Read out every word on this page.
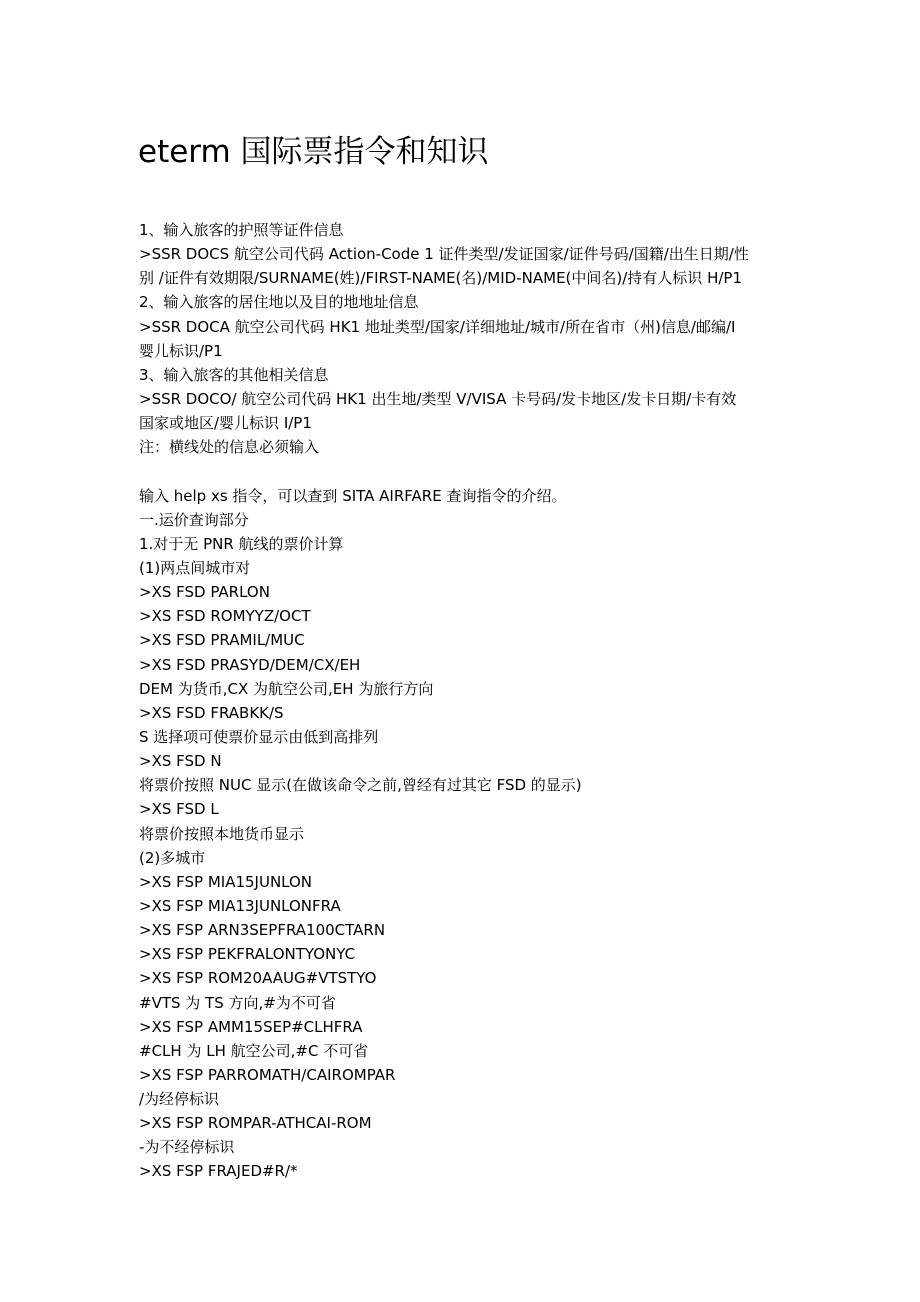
eterm 国际票指令和知识
1、输入旅客的护照等证件信息
>SSR DOCS 航空公司代码 Action-Code 1 证件类型/发证国家/证件号码/国籍/出生日期/性
别 /证件有效期限/SURNAME(姓)/FIRST-NAME(名)/MID-NAME(中间名)/持有人标识 H/P1
2、输入旅客的居住地以及目的地地址信息
>SSR DOCA 航空公司代码 HK1 地址类型/国家/详细地址/城市/所在省市（州)信息/邮编/I
婴儿标识/P1
3、输入旅客的其他相关信息
>SSR DOCO/ 航空公司代码 HK1 出生地/类型 V/VISA 卡号码/发卡地区/发卡日期/卡有效
国家或地区/婴儿标识 I/P1
注：横线处的信息必须输入
输入 help xs 指令，可以查到 SITA AIRFARE 查询指令的介绍。
一.运价查询部分
1.对于无 PNR 航线的票价计算
(1)两点间城市对
>XS FSD PARLON
>XS FSD ROMYYZ/OCT
>XS FSD PRAMIL/MUC
>XS FSD PRASYD/DEM/CX/EH
DEM 为货币,CX 为航空公司,EH 为旅行方向
>XS FSD FRABKK/S
S 选择项可使票价显示由低到高排列
>XS FSD N
将票价按照 NUC 显示(在做该命令之前,曾经有过其它 FSD 的显示)
>XS FSD L
将票价按照本地货币显示
(2)多城市
>XS FSP MIA15JUNLON
>XS FSP MIA13JUNLONFRA
>XS FSP ARN3SEPFRA100CTARN
>XS FSP PEKFRALONTYONYC
>XS FSP ROM20AAUG#VTSTYO
#VTS 为 TS 方向,#为不可省
>XS FSP AMM15SEP#CLHFRA
#CLH 为 LH 航空公司,#C 不可省
>XS FSP PARROMATH/CAIROMPAR
/为经停标识
>XS FSP ROMPAR-ATHCAI-ROM
-为不经停标识
>XS FSP FRAJED#R/*
